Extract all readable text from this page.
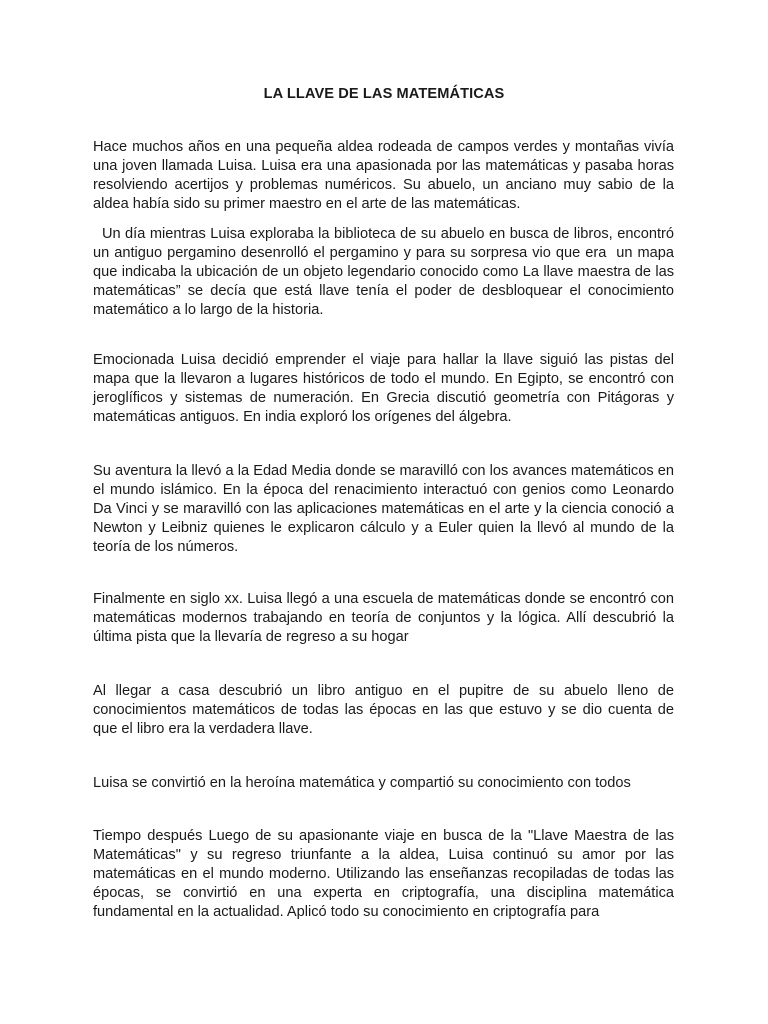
LA LLAVE DE LAS MATEMÁTICAS

Hace muchos años en una pequeña aldea rodeada de campos verdes y montañas vivía una joven llamada Luisa. Luisa era una apasionada por las matemáticas y pasaba horas resolviendo acertijos y problemas numéricos. Su abuelo, un anciano muy sabio de la aldea había sido su primer maestro en el arte de las matemáticas.

Un día mientras Luisa exploraba la biblioteca de su abuelo en busca de libros, encontró un antiguo pergamino desenrolló el pergamino y para su sorpresa vio que era  un mapa que indicaba la ubicación de un objeto legendario conocido como La llave maestra de las matemáticas” se decía que está llave tenía el poder de desbloquear el conocimiento matemático a lo largo de la historia.

Emocionada Luisa decidió emprender el viaje para hallar la llave siguió las pistas del mapa que la llevaron a lugares históricos de todo el mundo. En Egipto, se encontró con jeroglíficos y sistemas de numeración. En Grecia discutió geometría con Pitágoras y matemáticas antiguos. En india exploró los orígenes del álgebra.

Su aventura la llevó a la Edad Media donde se maravilló con los avances matemáticos en el mundo islámico. En la época del renacimiento interactuó con genios como Leonardo Da Vinci y se maravilló con las aplicaciones matemáticas en el arte y la ciencia conoció a Newton y Leibniz quienes le explicaron cálculo y a Euler quien la llevó al mundo de la teoría de los números.

Finalmente en siglo xx. Luisa llegó a una escuela de matemáticas donde se encontró con matemáticas modernos trabajando en teoría de conjuntos y la lógica. Allí descubrió la última pista que la llevaría de regreso a su hogar

Al llegar a casa descubrió un libro antiguo en el pupitre de su abuelo lleno de conocimientos matemáticos de todas las épocas en las que estuvo y se dio cuenta de que el libro era la verdadera llave.

Luisa se convirtió en la heroína matemática y compartió su conocimiento con todos

Tiempo después Luego de su apasionante viaje en busca de la "Llave Maestra de las Matemáticas" y su regreso triunfante a la aldea, Luisa continuó su amor por las matemáticas en el mundo moderno. Utilizando las enseñanzas recopiladas de todas las épocas, se convirtió en una experta en criptografía, una disciplina matemática fundamental en la actualidad. Aplicó todo su conocimiento en criptografía para
